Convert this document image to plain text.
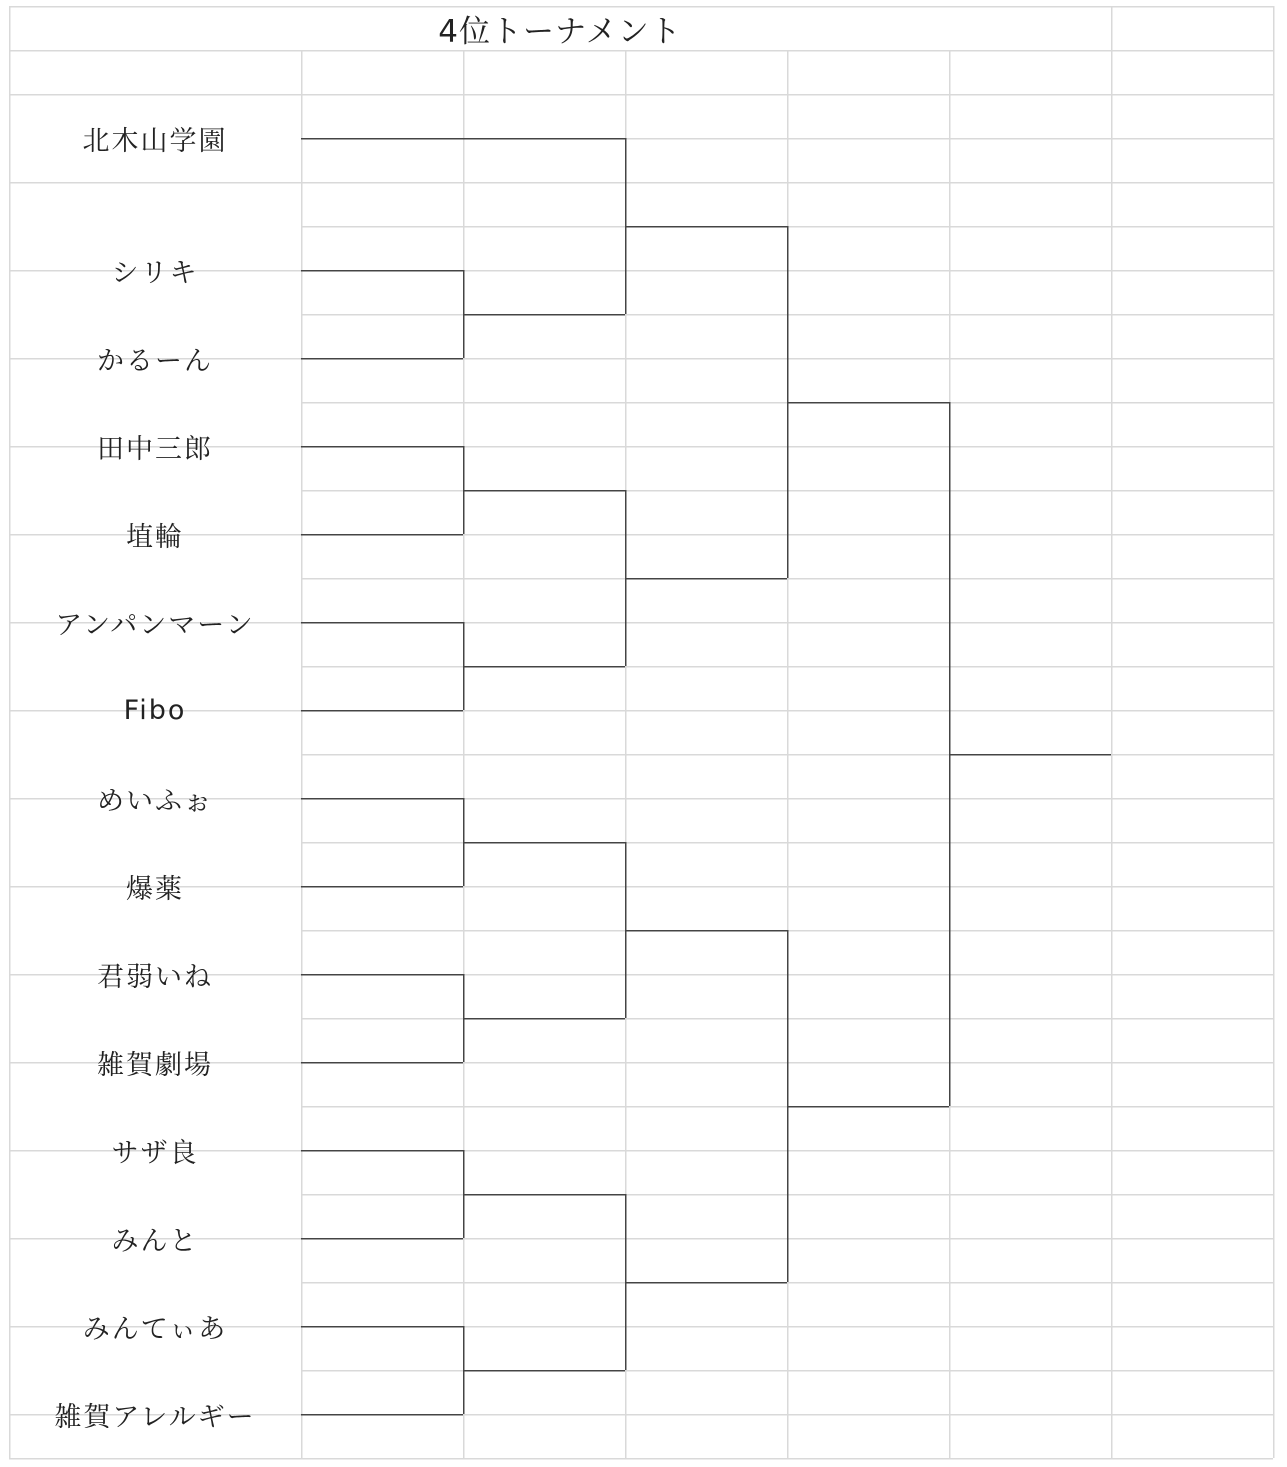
4位トーナメント
北木山学園
シリキ
かるーん
田中三郎
埴輪
アンパンマーン
Fibo
めいふぉ
爆薬
君弱いね
雑賀劇場
サザ良
みんと
みんてぃあ
雑賀アレルギー
